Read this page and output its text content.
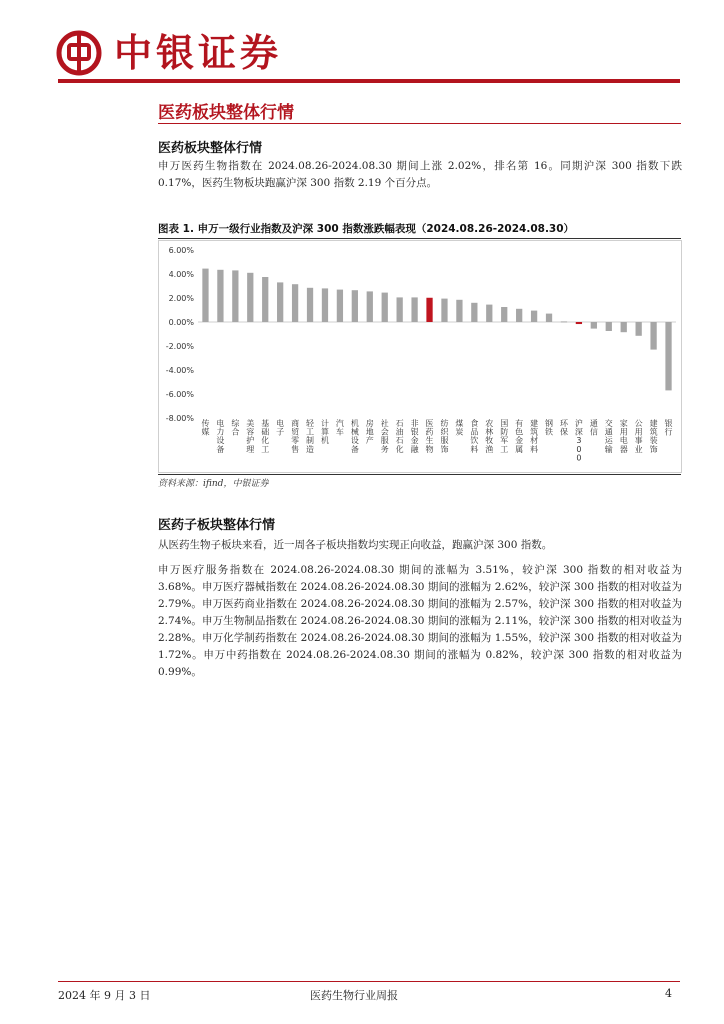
中银证券
医药板块整体行情
医药板块整体行情

申万医药生物指数在 2024.08.26-2024.08.30 期间上涨 2.02%，排名第 16。同期沪深 300 指数下跌 0.17%，医药生物板块跑赢沪深 300 指数 2.19 个百分点。

图表 1. 申万一级行业指数及沪深 300 指数涨跌幅表现（2024.08.26-2024.08.30）
6.00%
4.00%
2.00%
0.00%
-2.00%
-4.00%
-6.00%
-8.00%
传媒
电力设备
综合
美容护理
基础化工
电子
商贸零售
轻工制造
计算机
汽车
机械设备
房地产
社会服务
石油石化
非银金融
医药生物
纺织服饰
煤炭
食品饮料
农林牧渔
国防军工
有色金属
建筑材料
钢铁
环保
沪深 3 0 0
通信
交通运输
家用电器
公用事业
建筑装饰
银行
资料来源：ifind，中银证券
医药子板块整体行情

从医药生物子板块来看，近一周各子板块指数均实现正向收益，跑赢沪深 300 指数。

申万医疗服务指数在 2024.08.26-2024.08.30 期间的涨幅为 3.51%，较沪深 300 指数的相对收益为 3.68%。申万医疗器械指数在 2024.08.26-2024.08.30 期间的涨幅为 2.62%，较沪深 300 指数的相对收益为 2.79%。申万医药商业指数在 2024.08.26-2024.08.30 期间的涨幅为 2.57%，较沪深 300 指数的相对收益为 2.74%。申万生物制品指数在 2024.08.26-2024.08.30 期间的涨幅为 2.11%，较沪深 300 指数的相对收益为 2.28%。申万化学制药指数在 2024.08.26-2024.08.30 期间的涨幅为 1.55%，较沪深 300 指数的相对收益为 1.72%。申万中药指数在 2024.08.26-2024.08.30 期间的涨幅为 0.82%，较沪深 300 指数的相对收益为 0.99%。

2024 年 9 月 3 日	医药生物行业周报	4
